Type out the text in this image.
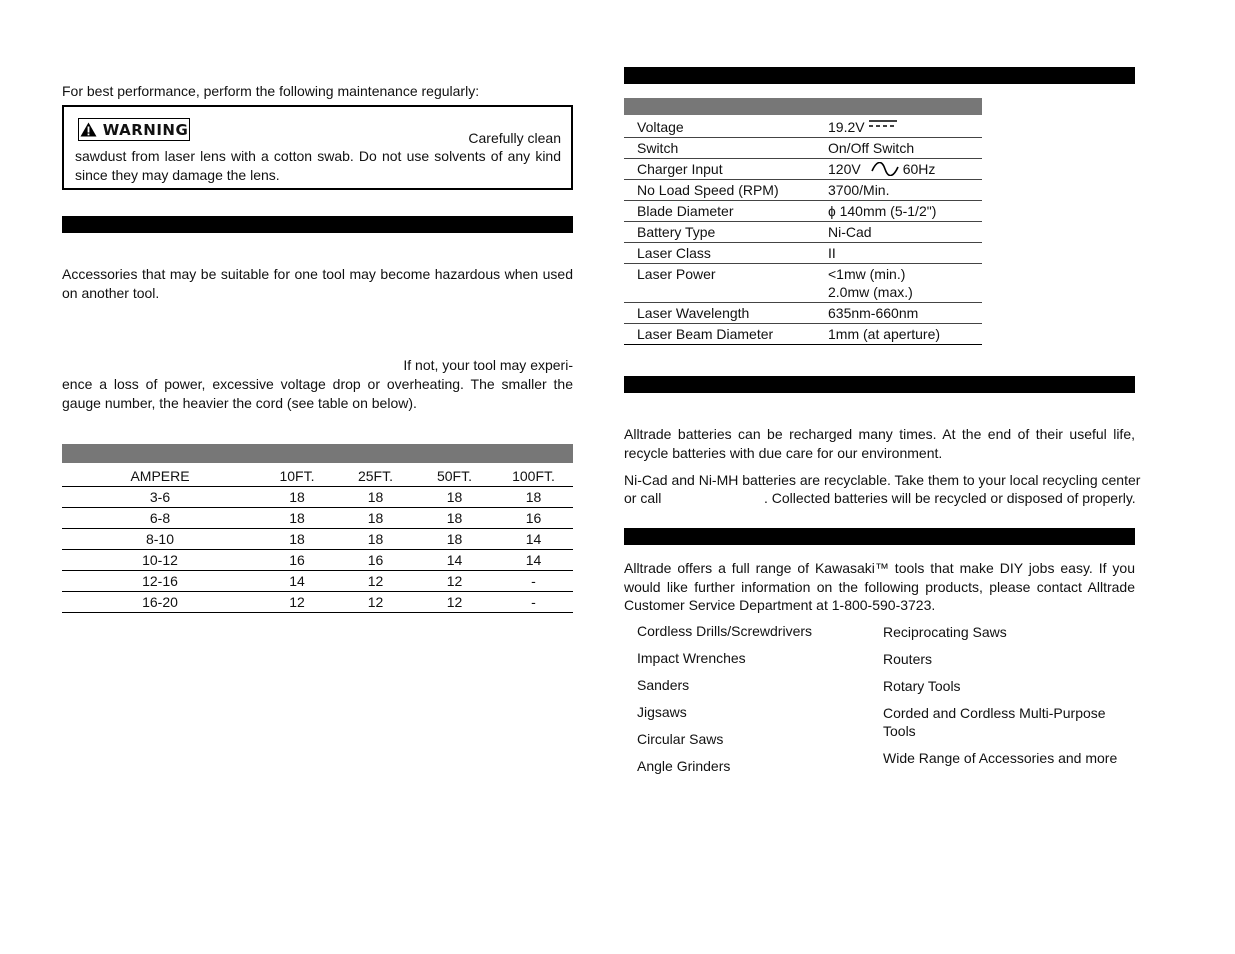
For best performance, perform the following maintenance regularly:
WARNING	Carefully clean
sawdust from laser lens with a cotton swab. Do not use solvents of any kind since they may damage the lens.
Accessories that may be suitable for one tool may become hazardous when used on another tool.
If not, your tool may experi-
ence a loss of power, excessive voltage drop or overheating. The smaller the gauge number, the heavier the cord (see table on below).
AMPERE	10FT.	25FT.	50FT.	100FT.
3-6	18	18	18	18
6-8	18	18	18	16
8-10	18	18	18	14
10-12	16	16	14	14
12-16	14	12	12	-
16-20	12	12	12	-
Voltage	19.2V
Switch	On/Off Switch
Charger Input	120V 60Hz
No Load Speed (RPM)	3700/Min.
Blade Diameter	ɸ 140mm (5-1/2")
Battery Type	Ni-Cad
Laser Class	II
Laser Power	<1mw (min.)
2.0mw (max.)
Laser Wavelength	635nm-660nm
Laser Beam Diameter	1mm (at aperture)
Alltrade batteries can be recharged many times. At the end of their useful life, recycle batteries with due care for our environment.
Ni-Cad and Ni-MH batteries are recyclable. Take them to your local recycling center
or call	. Collected batteries will be recycled or disposed of properly.
Alltrade offers a full range of Kawasaki™ tools that make DIY jobs easy. If you would like further information on the following products, please contact Alltrade Customer Service Department at 1-800-590-3723.
Cordless Drills/Screwdrivers
Impact Wrenches
Sanders
Jigsaws
Circular Saws
Angle Grinders
Reciprocating Saws
Routers
Rotary Tools
Corded and Cordless Multi-Purpose Tools
Wide Range of Accessories and more
